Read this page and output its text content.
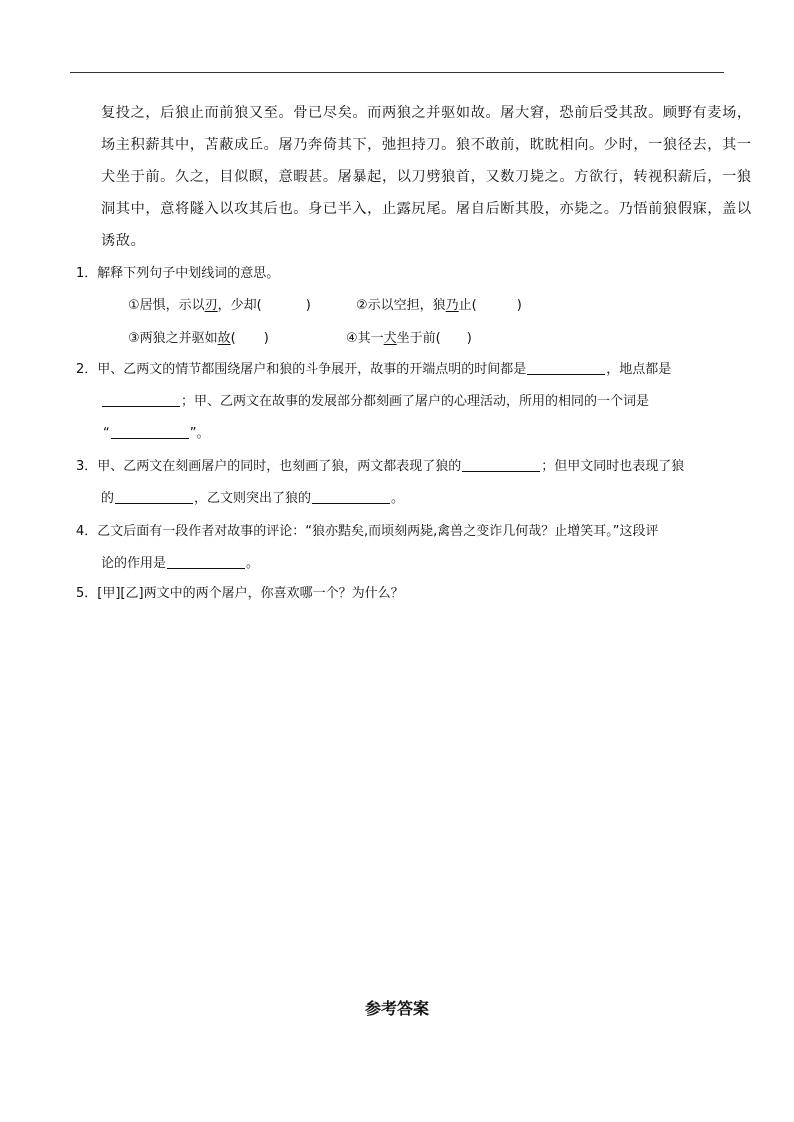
复投之，后狼止而前狼又至。骨已尽矣。而两狼之并驱如故。屠大窘，恐前后受其敌。顾野有麦场，
场主积薪其中，苫蔽成丘。屠乃奔倚其下，弛担持刀。狼不敢前，眈眈相向。少时，一狼径去，其一
犬坐于前。久之，目似瞑，意暇甚。屠暴起，以刀劈狼首，又数刀毙之。方欲行，转视积薪后，一狼
洞其中，意将隧入以攻其后也。身已半入，止露尻尾。屠自后断其股，亦毙之。乃悟前狼假寐，盖以
诱敌。
1．解释下列句子中划线词的意思。
①居惧，示以刃，少却(	)	②示以空担，狼乃止(	)
③两狼之并驱如故( )	④其一犬坐于前( )
2．甲、乙两文的情节都围绕屠户和狼的斗争展开，故事的开端点明的时间都是	，地点都是
；甲、乙两文在故事的发展部分都刻画了屠户的心理活动，所用的相同的一个词是
“	”。
3．甲、乙两文在刻画屠户的同时，也刻画了狼，两文都表现了狼的	；但甲文同时也表现了狼
的	，乙文则突出了狼的	。
4．乙文后面有一段作者对故事的评论：“狼亦黠矣,而顷刻两毙,禽兽之变诈几何哉？止增笑耳。”这段评
论的作用是	。
5．[甲][乙]两文中的两个屠户，你喜欢哪一个？为什么？
参考答案
